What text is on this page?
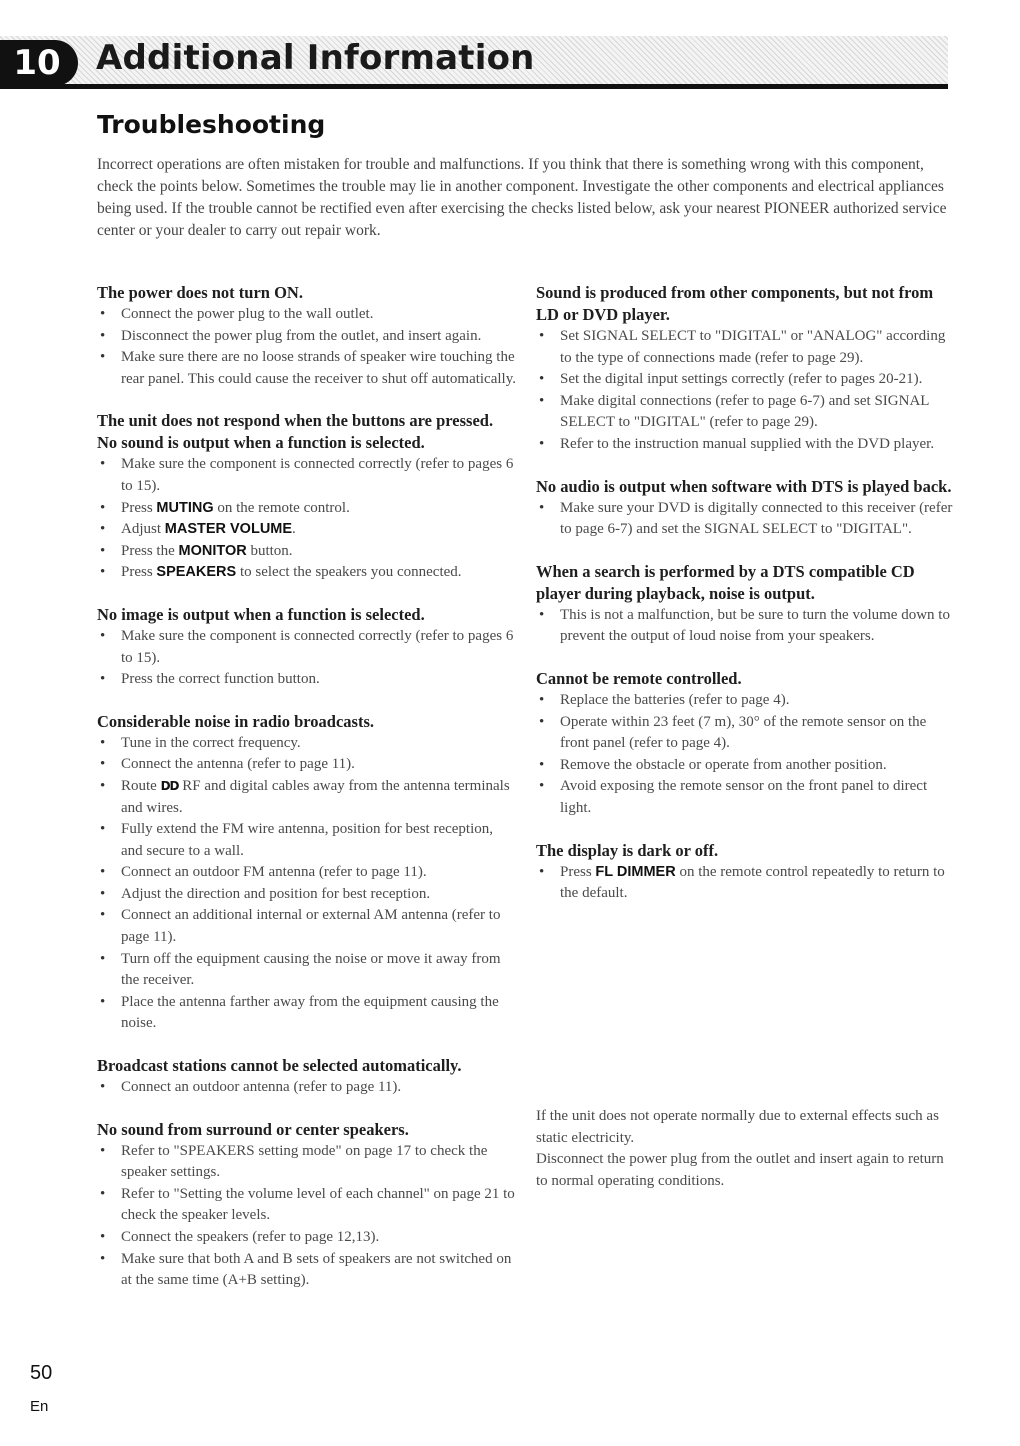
10 Additional Information
Troubleshooting

Incorrect operations are often mistaken for trouble and malfunctions. If you think that there is something wrong with this component, check the points below. Sometimes the trouble may lie in another component. Investigate the other components and electrical appliances being used. If the trouble cannot be rectified even after exercising the checks listed below, ask your nearest PIONEER authorized service center or your dealer to carry out repair work.

The power does not turn ON.

• Connect the power plug to the wall outlet.
• Disconnect the power plug from the outlet, and insert again.
• Make sure there are no loose strands of speaker wire touching the rear panel. This could cause the receiver to shut off automatically.

The unit does not respond when the buttons are pressed.

No sound is output when a function is selected.

• Make sure the component is connected correctly (refer to pages 6 to 15).
• Press MUTING on the remote control.
• Adjust MASTER VOLUME.
• Press the MONITOR button.
• Press SPEAKERS to select the speakers you connected.

No image is output when a function is selected.

• Make sure the component is connected correctly (refer to pages 6 to 15).
• Press the correct function button.

Considerable noise in radio broadcasts.

• Tune in the correct frequency.
• Connect the antenna (refer to page 11).
• Route DD RF and digital cables away from the antenna terminals and wires.
• Fully extend the FM wire antenna, position for best reception, and secure to a wall.
• Connect an outdoor FM antenna (refer to page 11).
• Adjust the direction and position for best reception.
• Connect an additional internal or external AM antenna (refer to page 11).
• Turn off the equipment causing the noise or move it away from the receiver.
• Place the antenna farther away from the equipment causing the noise.

Broadcast stations cannot be selected automatically.

• Connect an outdoor antenna (refer to page 11).

No sound from surround or center speakers.

• Refer to "SPEAKERS setting mode" on page 17 to check the speaker settings.
• Refer to "Setting the volume level of each channel" on page 21 to check the speaker levels.
• Connect the speakers (refer to page 12,13).
• Make sure that both A and B sets of speakers are not switched on at the same time (A+B setting).

Sound is produced from other components, but not from LD or DVD player.

• Set SIGNAL SELECT to "DIGITAL" or "ANALOG" according to the type of connections made (refer to page 29).
• Set the digital input settings correctly (refer to pages 20-21).
• Make digital connections (refer to page 6-7) and set SIGNAL SELECT to "DIGITAL" (refer to page 29).
• Refer to the instruction manual supplied with the DVD player.

No audio is output when software with DTS is played back.

• Make sure your DVD is digitally connected to this receiver (refer to page 6-7) and set the SIGNAL SELECT to "DIGITAL".

When a search is performed by a DTS compatible CD player during playback, noise is output.

• This is not a malfunction, but be sure to turn the volume down to prevent the output of loud noise from your speakers.

Cannot be remote controlled.

• Replace the batteries (refer to page 4).
• Operate within 23 feet (7 m), 30° of the remote sensor on the front panel (refer to page 4).
• Remove the obstacle or operate from another position.
• Avoid exposing the remote sensor on the front panel to direct light.

The display is dark or off.

• Press FL DIMMER on the remote control repeatedly to return to the default.

If the unit does not operate normally due to external effects such as static electricity.

Disconnect the power plug from the outlet and insert again to return to normal operating conditions.

50
En
